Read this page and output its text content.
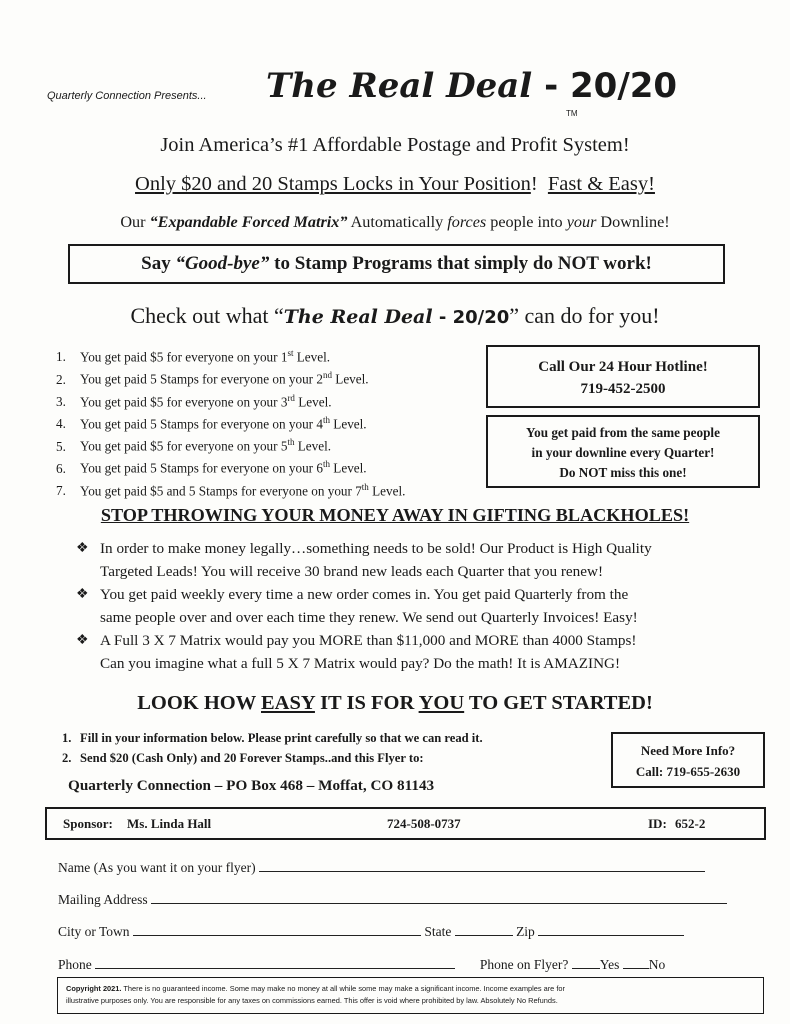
Quarterly Connection Presents... The Real Deal - 20/20
TM
Join America’s #1 Affordable Postage and Profit System!
Only $20 and 20 Stamps Locks in Your Position! Fast & Easy!
Our “Expandable Forced Matrix” Automatically forces people into your Downline!
Say “Good-bye” to Stamp Programs that simply do NOT work!
Check out what “The Real Deal - 20/20” can do for you!
1. You get paid $5 for everyone on your 1st Level.
2. You get paid 5 Stamps for everyone on your 2nd Level.
3. You get paid $5 for everyone on your 3rd Level.
4. You get paid 5 Stamps for everyone on your 4th Level.
5. You get paid $5 for everyone on your 5th Level.
6. You get paid 5 Stamps for everyone on your 6th Level.
7. You get paid $5 and 5 Stamps for everyone on your 7th Level.
Call Our 24 Hour Hotline!
719-452-2500
You get paid from the same people
in your downline every Quarter!
Do NOT miss this one!
STOP THROWING YOUR MONEY AWAY IN GIFTING BLACKHOLES!
❖ In order to make money legally…something needs to be sold! Our Product is High Quality
Targeted Leads! You will receive 30 brand new leads each Quarter that you renew!
❖ You get paid weekly every time a new order comes in. You get paid Quarterly from the
same people over and over each time they renew. We send out Quarterly Invoices! Easy!
❖ A Full 3 X 7 Matrix would pay you MORE than $11,000 and MORE than 4000 Stamps!
Can you imagine what a full 5 X 7 Matrix would pay? Do the math! It is AMAZING!
LOOK HOW EASY IT IS FOR YOU TO GET STARTED!
1. Fill in your information below. Please print carefully so that we can read it.
2. Send $20 (Cash Only) and 20 Forever Stamps..and this Flyer to:
Quarterly Connection – PO Box 468 – Moffat, CO 81143
Need More Info?
Call: 719-655-2630
Sponsor: Ms. Linda Hall	724-508-0737	ID: 652-2
Name (As you want it on your flyer)
Mailing Address
City or Town	State	Zip
Phone	Phone on Flyer? Yes No
Copyright 2021. There is no guaranteed income. Some may make no money at all while some may make a significant income. Income examples are for
illustrative purposes only. You are responsible for any taxes on commissions earned. This offer is void where prohibited by law. Absolutely No Refunds.
